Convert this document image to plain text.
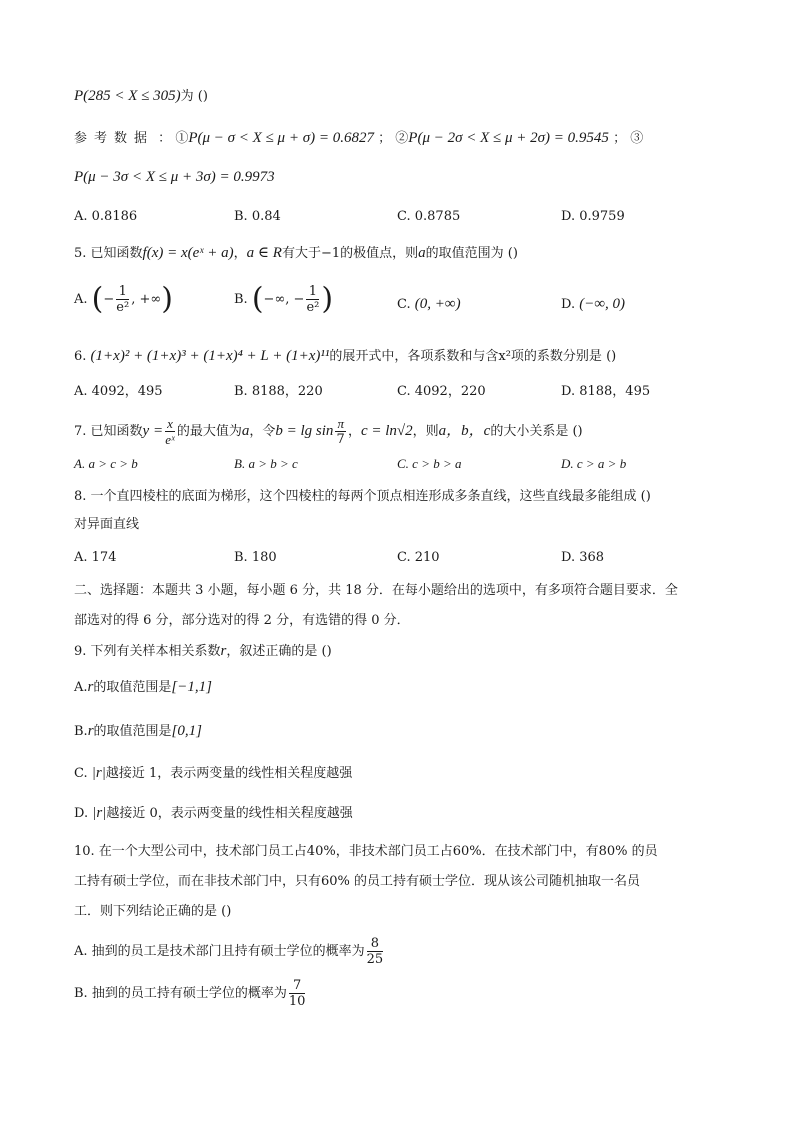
P(285 < X ≤ 305)为 ()
参考数据 ： ①P(μ − σ < X ≤ μ + σ) = 0.6827 ； ②P(μ − 2σ < X ≤ μ + 2σ) = 0.9545 ； ③
P(μ − 3σ < X ≤ μ + 3σ) = 0.9973
A. 0.8186	B. 0.84	C. 0.8785	D. 0.9759
5. 已知函数f(x) = x(eˣ + a)，a ∈ R有大于−1的极值点，则a的取值范围为 ()
A. (− $\frac{1}{\text{e²}}$ , +∞)	B. (−∞, − $\frac{1}{\text{e²}}$ )	C. (0, +∞)	D. (−∞, 0)
6. (1+x)² + (1+x)³ + (1+x)⁴ + L + (1+x)¹¹的展开式中，各项系数和与含x²项的系数分别是 ()
A. 4092，495	B. 8188，220	C. 4092，220	D. 8188，495
7. 已知函数$y = \frac{x}{\text{eˣ}}$ 的最大值为a，令$b = \lg \sin \frac{\pi}{7}$ ，c = ln√2，则a，b，c的大小关系是 ()
A. a > c > b	B. a > b > c	C. c > b > a	D. c > a > b
8. 一个直四棱柱的底面为梯形，这个四棱柱的每两个顶点相连形成多条直线，这些直线最多能组成 ()
对异面直线
A. 174	B. 180	C. 210	D. 368
二、选择题：本题共 3 小题，每小题 6 分，共 18 分．在每小题给出的选项中，有多项符合题目要求．全
部选对的得 6 分，部分选对的得 2 分，有选错的得 0 分．
9. 下列有关样本相关系数r，叙述正确的是 ()
A.r的取值范围是[−1,1]
B.r的取值范围是[0,1]
C. |r|越接近 1，表示两变量的线性相关程度越强
D. |r|越接近 0，表示两变量的线性相关程度越强
10. 在一个大型公司中，技术部门员工占40%，非技术部门员工占60%．在技术部门中，有80% 的员
工持有硕士学位，而在非技术部门中，只有60% 的员工持有硕士学位．现从该公司随机抽取一名员
工．则下列结论正确的是 ()
A. 抽到的员工是技术部门且持有硕士学位的概率为 $\frac{8}{25}$
B. 抽到的员工持有硕士学位的概率为 $\frac{7}{10}$
